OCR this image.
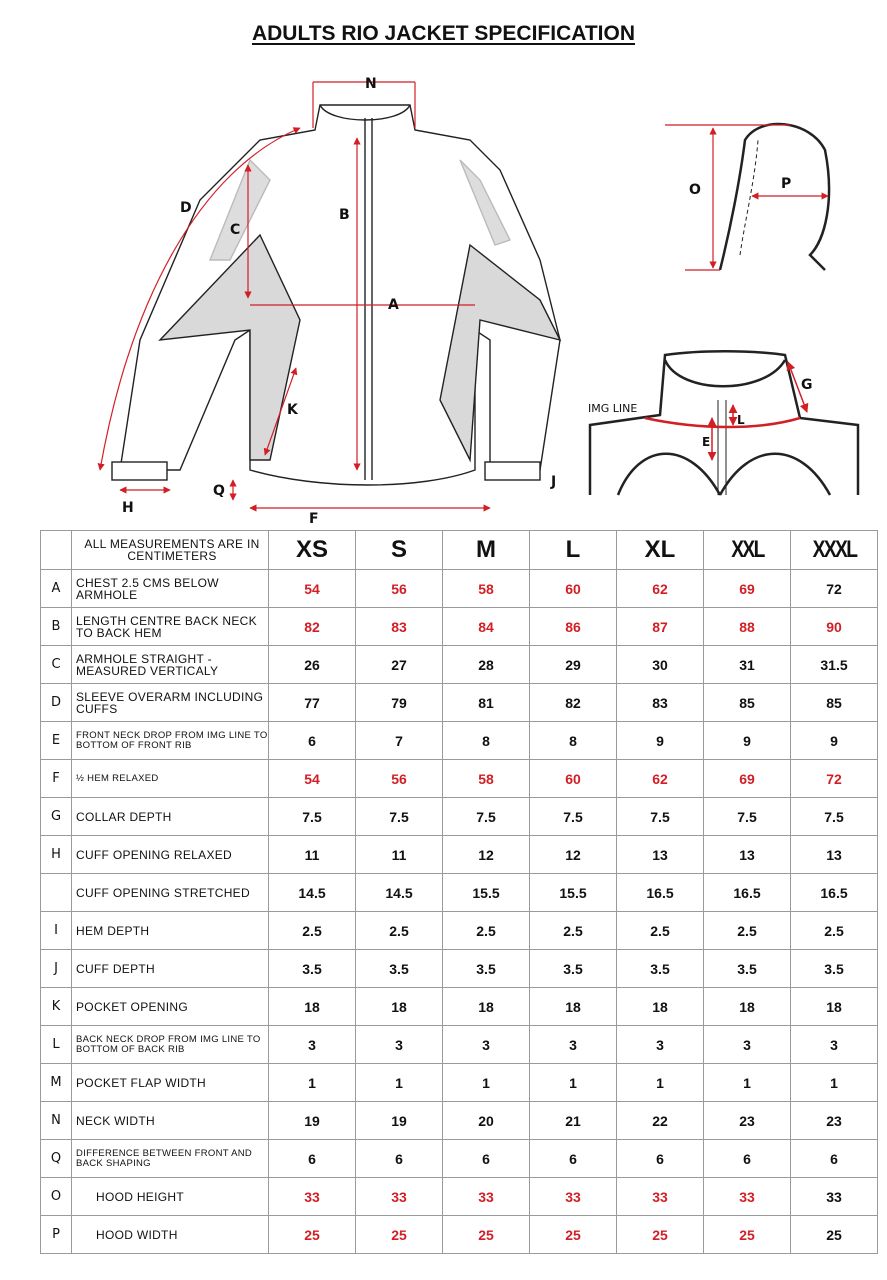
ADULTS RIO JACKET SPECIFICATION
N
B
D
C
A
K
Q
H
F
J
O	P
G
E
L
IMG LINE
	ALL MEASUREMENTS ARE IN CENTIMETERS	XS	S	M	L	XL	XXL	XXXL
A	CHEST 2.5 CMS BELOW ARMHOLE	54	56	58	60	62	69	72
B	LENGTH CENTRE BACK NECK TO BACK HEM	82	83	84	86	87	88	90
C	ARMHOLE STRAIGHT - MEASURED VERTICALY	26	27	28	29	30	31	31.5
D	SLEEVE OVERARM INCLUDING CUFFS	77	79	81	82	83	85	85
E	FRONT NECK DROP FROM IMG LINE TO BOTTOM OF FRONT RIB	6	7	8	8	9	9	9
F	½ HEM RELAXED	54	56	58	60	62	69	72
G	COLLAR DEPTH	7.5	7.5	7.5	7.5	7.5	7.5	7.5
H	CUFF OPENING RELAXED	11	11	12	12	13	13	13
	CUFF OPENING STRETCHED	14.5	14.5	15.5	15.5	16.5	16.5	16.5
I	HEM DEPTH	2.5	2.5	2.5	2.5	2.5	2.5	2.5
J	CUFF DEPTH	3.5	3.5	3.5	3.5	3.5	3.5	3.5
K	POCKET OPENING	18	18	18	18	18	18	18
L	BACK NECK DROP FROM IMG LINE TO BOTTOM OF BACK RIB	3	3	3	3	3	3	3
M	POCKET FLAP WIDTH	1	1	1	1	1	1	1
N	NECK WIDTH	19	19	20	21	22	23	23
Q	DIFFERENCE BETWEEN FRONT AND BACK SHAPING	6	6	6	6	6	6	6
O	HOOD HEIGHT	33	33	33	33	33	33	33
P	HOOD WIDTH	25	25	25	25	25	25	25
